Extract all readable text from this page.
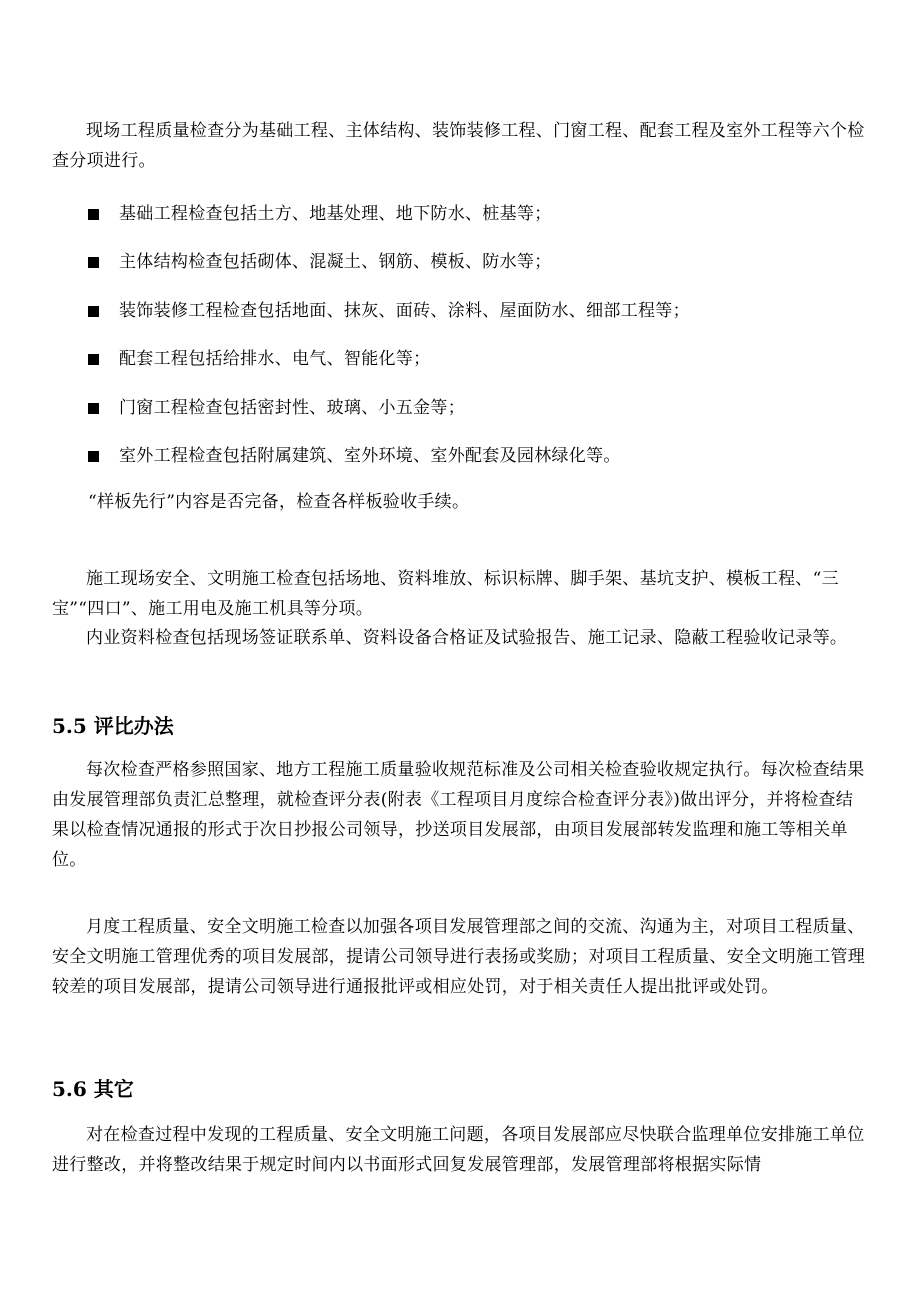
现场工程质量检查分为基础工程、主体结构、装饰装修工程、门窗工程、配套工程及室外工程等六个检查分项进行。

基础工程检查包括土方、地基处理、地下防水、桩基等；
主体结构检查包括砌体、混凝土、钢筋、模板、防水等；
装饰装修工程检查包括地面、抹灰、面砖、涂料、屋面防水、细部工程等；
配套工程包括给排水、电气、智能化等；
门窗工程检查包括密封性、玻璃、小五金等；
室外工程检查包括附属建筑、室外环境、室外配套及园林绿化等。

“样板先行”内容是否完备，检查各样板验收手续。

施工现场安全、文明施工检查包括场地、资料堆放、标识标牌、脚手架、基坑支护、模板工程、“三宝”“四口”、施工用电及施工机具等分项。

内业资料检查包括现场签证联系单、资料设备合格证及试验报告、施工记录、隐蔽工程验收记录等。

5.5 评比办法

每次检查严格参照国家、地方工程施工质量验收规范标准及公司相关检查验收规定执行。每次检查结果由发展管理部负责汇总整理，就检查评分表(附表《工程项目月度综合检查评分表》)做出评分，并将检查结果以检查情况通报的形式于次日抄报公司领导，抄送项目发展部，由项目发展部转发监理和施工等相关单位。

月度工程质量、安全文明施工检查以加强各项目发展管理部之间的交流、沟通为主，对项目工程质量、安全文明施工管理优秀的项目发展部，提请公司领导进行表扬或奖励；对项目工程质量、安全文明施工管理较差的项目发展部，提请公司领导进行通报批评或相应处罚，对于相关责任人提出批评或处罚。

5.6 其它

对在检查过程中发现的工程质量、安全文明施工问题，各项目发展部应尽快联合监理单位安排施工单位进行整改，并将整改结果于规定时间内以书面形式回复发展管理部，发展管理部将根据实际情
